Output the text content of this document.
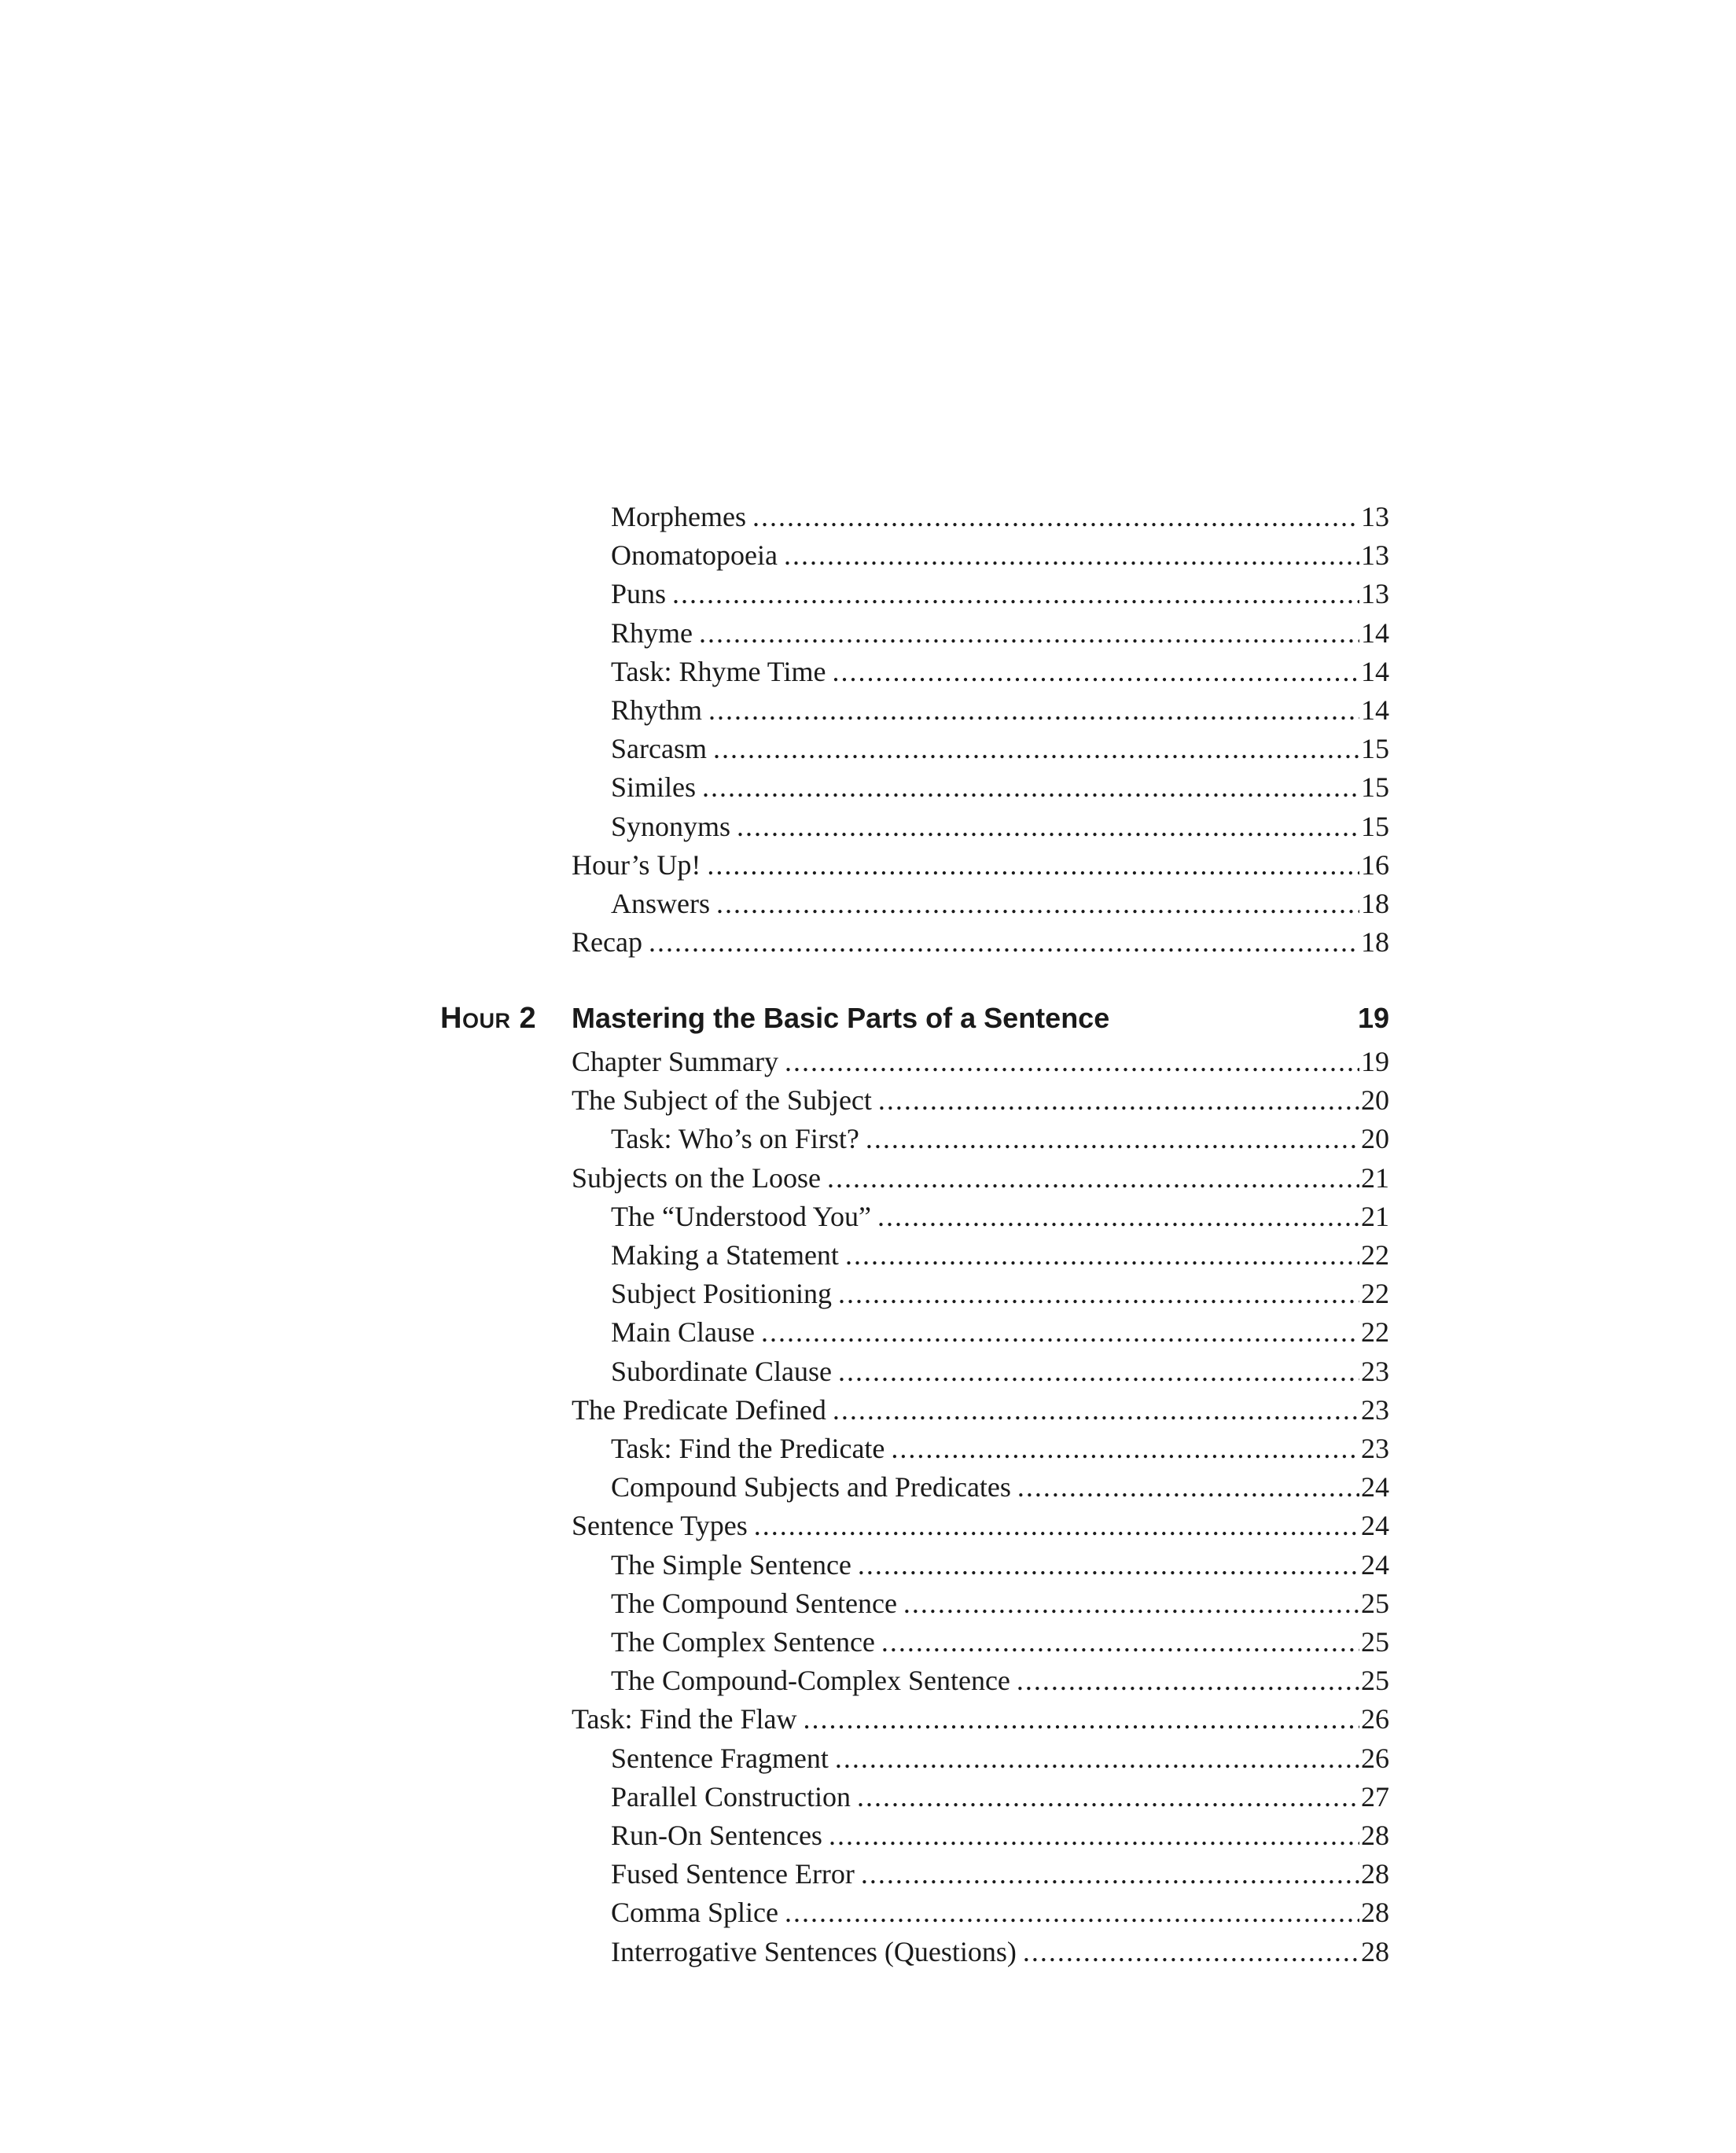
Morphemes .....	13
Onomatopoeia .....	13
Puns .....	13
Rhyme .....	14
Task: Rhyme Time .....	14
Rhythm .....	14
Sarcasm .....	15
Similes .....	15
Synonyms .....	15
Hour’s Up! .....	16
Answers .....	18
Recap .....	18
Hour 2	Mastering the Basic Parts of a Sentence	19
Chapter Summary .....	19
The Subject of the Subject .....	20
Task: Who’s on First? .....	20
Subjects on the Loose .....	21
The “Understood You” .....	21
Making a Statement .....	22
Subject Positioning .....	22
Main Clause .....	22
Subordinate Clause .....	23
The Predicate Defined .....	23
Task: Find the Predicate .....	23
Compound Subjects and Predicates .....	24
Sentence Types .....	24
The Simple Sentence .....	24
The Compound Sentence .....	25
The Complex Sentence .....	25
The Compound-Complex Sentence .....	25
Task: Find the Flaw .....	26
Sentence Fragment .....	26
Parallel Construction .....	27
Run-On Sentences .....	28
Fused Sentence Error .....	28
Comma Splice .....	28
Interrogative Sentences (Questions) .....	28
